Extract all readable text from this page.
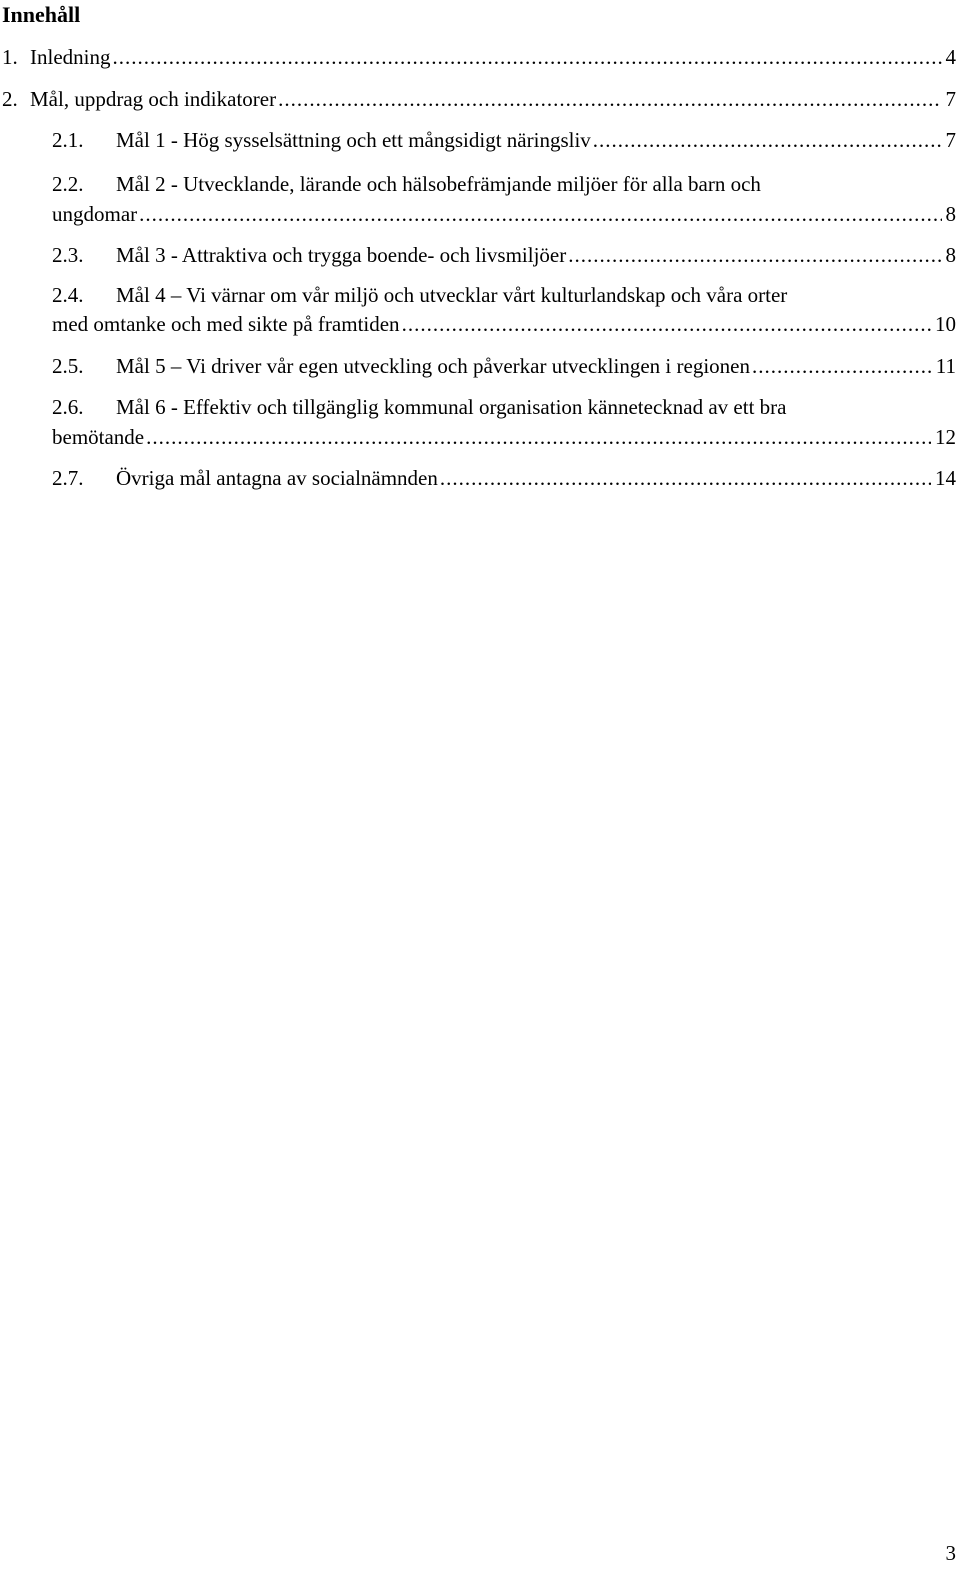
Innehåll
1. Inledning .....	4
2. Mål, uppdrag och indikatorer .....	7
2.1.	Mål 1 - Hög sysselsättning och ett mångsidigt näringsliv .....	7
2.2.	Mål 2 - Utvecklande, lärande och hälsobefrämjande miljöer för alla barn och
ungdomar .....	8
2.3.	Mål 3 - Attraktiva och trygga boende- och livsmiljöer .....	8
2.4.	Mål 4 – Vi värnar om vår miljö och utvecklar vårt kulturlandskap och våra orter
med omtanke och med sikte på framtiden .....	10
2.5.	Mål 5 – Vi driver vår egen utveckling och påverkar utvecklingen i regionen .....	11
2.6.	Mål 6 - Effektiv och tillgänglig kommunal organisation kännetecknad av ett bra
bemötande .....	12
2.7.	Övriga mål antagna av socialnämnden .....	14
3
